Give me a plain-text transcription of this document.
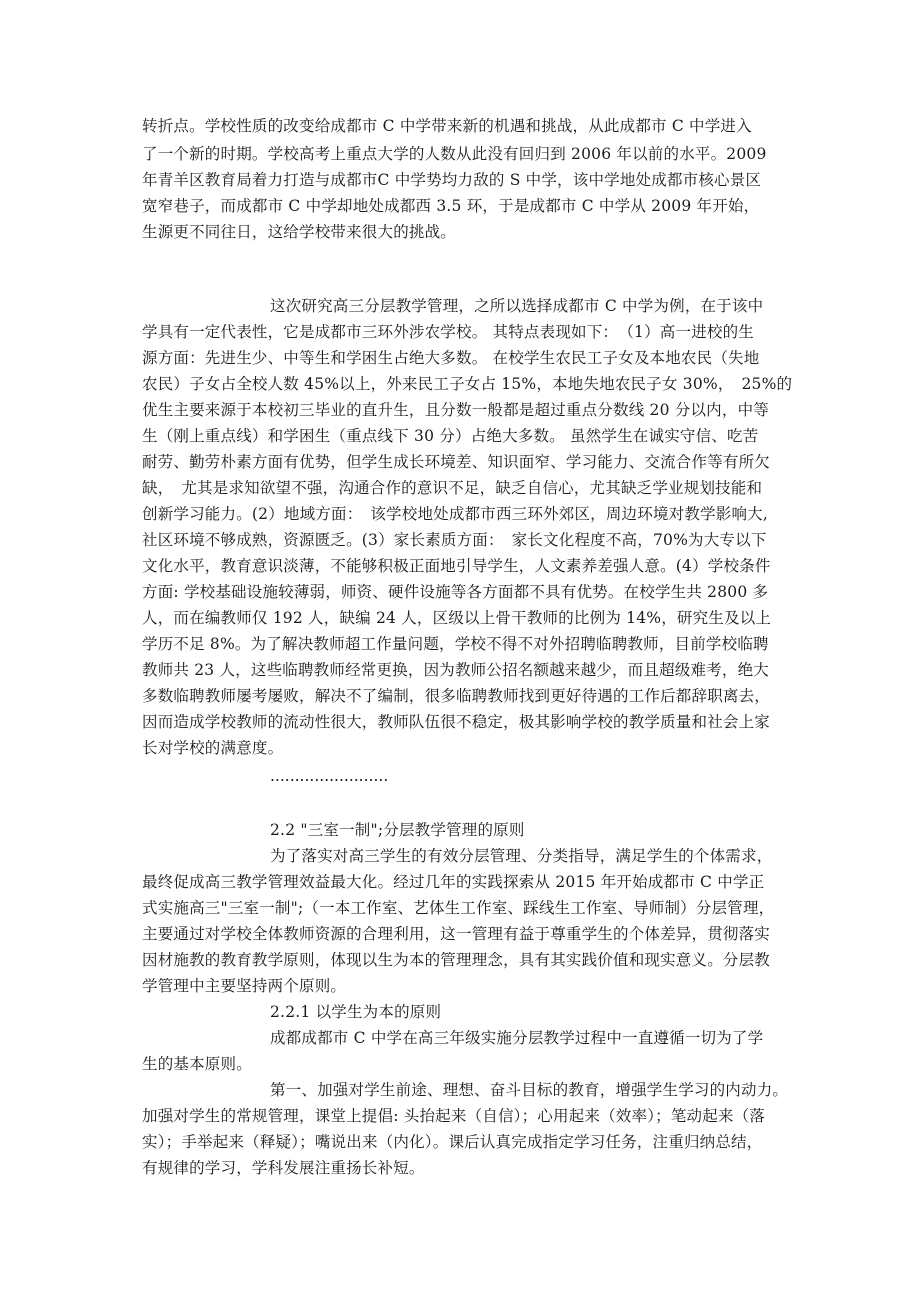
转折点。学校性质的改变给成都市 C 中学带来新的机遇和挑战，从此成都市 C 中学进入
了一个新的时期。学校高考上重点大学的人数从此没有回归到 2006 年以前的水平。2009
年青羊区教育局着力打造与成都市C 中学势均力敌的 S 中学，该中学地处成都市核心景区
宽窄巷子，而成都市 C 中学却地处成都西 3.5 环，于是成都市 C 中学从 2009 年开始，
生源更不同往日，这给学校带来很大的挑战。
这次研究高三分层教学管理，之所以选择成都市 C 中学为例，在于该中
学具有一定代表性，它是成都市三环外涉农学校。 其特点表现如下：　（1）高一进校的生
源方面：先进生少、中等生和学困生占绝大多数。 在校学生农民工子女及本地农民（失地
农民）子女占全校人数 45%以上，外来民工子女占 15%，本地失地农民子女 30%，　25%的
优生主要来源于本校初三毕业的直升生，且分数一般都是超过重点分数线 20 分以内，中等
生（刚上重点线）和学困生（重点线下 30 分）占绝大多数。 虽然学生在诚实守信、吃苦
耐劳、勤劳朴素方面有优势，但学生成长环境差、知识面窄、学习能力、交流合作等有所欠
缺，　尤其是求知欲望不强，沟通合作的意识不足，缺乏自信心，尤其缺乏学业规划技能和
创新学习能力。(2）地域方面：　该学校地处成都市西三环外郊区，周边环境对教学影响大,
社区环境不够成熟，资源匮乏。(3）家长素质方面：　家长文化程度不高，70%为大专以下
文化水平，教育意识淡薄，不能够积极正面地引导学生，人文素养差强人意。(4）学校条件
方面: 学校基础设施较薄弱，师资、硬件设施等各方面都不具有优势。在校学生共 2800 多
人，而在编教师仅 192 人，缺编 24 人，区级以上骨干教师的比例为 14%，研究生及以上
学历不足 8%。为了解决教师超工作量问题，学校不得不对外招聘临聘教师，目前学校临聘
教师共 23 人，这些临聘教师经常更换，因为教师公招名额越来越少，而且超级难考，绝大
多数临聘教师屡考屡败，解决不了编制，很多临聘教师找到更好待遇的工作后都辞职离去，
因而造成学校教师的流动性很大，教师队伍很不稳定，极其影响学校的教学质量和社会上家
长对学校的满意度。
........................
2.2 "三室一制";分层教学管理的原则
为了落实对高三学生的有效分层管理、分类指导，满足学生的个体需求，
最终促成高三教学管理效益最大化。经过几年的实践探索从 2015 年开始成都市 C 中学正
式实施高三"三室一制";（一本工作室、艺体生工作室、踩线生工作室、导师制）分层管理，
主要通过对学校全体教师资源的合理利用，这一管理有益于尊重学生的个体差异，贯彻落实
因材施教的教育教学原则，体现以生为本的管理理念，具有其实践价值和现实意义。分层教
学管理中主要坚持两个原则。
2.2.1 以学生为本的原则
成都成都市 C 中学在高三年级实施分层教学过程中一直遵循一切为了学
生的基本原则。
第一、加强对学生前途、理想、奋斗目标的教育，增强学生学习的内动力。
加强对学生的常规管理，课堂上提倡: 头抬起来（自信）；心用起来（效率）；笔动起来（落
实）；手举起来（释疑）；嘴说出来（内化）。课后认真完成指定学习任务，注重归纳总结，
有规律的学习，学科发展注重扬长补短。
